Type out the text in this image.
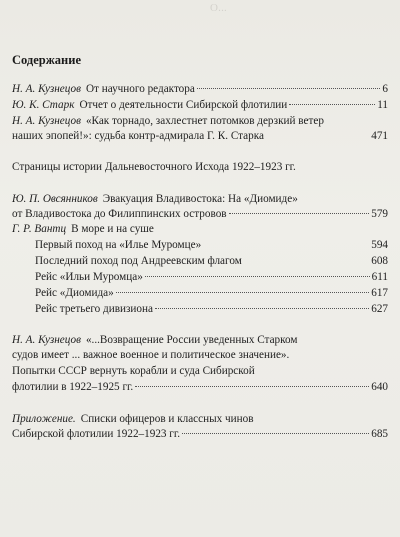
О...
Содержание
Н. А. Кузнецов От научного редактора	6
Ю. К. Старк Отчет о деятельности Сибирской флотилии	11
Н. А. Кузнецов «Как торнадо, захлестнет потомков дерзкий ветер
наших эпопей!»: судьба контр-адмирала Г. К. Старка	471
Страницы истории Дальневосточного Исхода 1922–1923 гг.
Ю. П. Овсянников Эвакуация Владивостока: На «Диомиде»
от Владивостока до Филиппинских островов	579
Г. Р. Вантц В море и на суше
Первый поход на «Илье Муромце»	594
Последний поход под Андреевским флагом	608
Рейс «Ильи Муромца»	611
Рейс «Диомида»	617
Рейс третьего дивизиона	627
Н. А. Кузнецов «...Возвращение России уведенных Старком
судов имеет ... важное военное и политическое значение».
Попытки СССР вернуть корабли и суда Сибирской
флотилии в 1922–1925 гг.	640
Приложение. Списки офицеров и классных чинов
Сибирской флотилии 1922–1923 гг.	685
